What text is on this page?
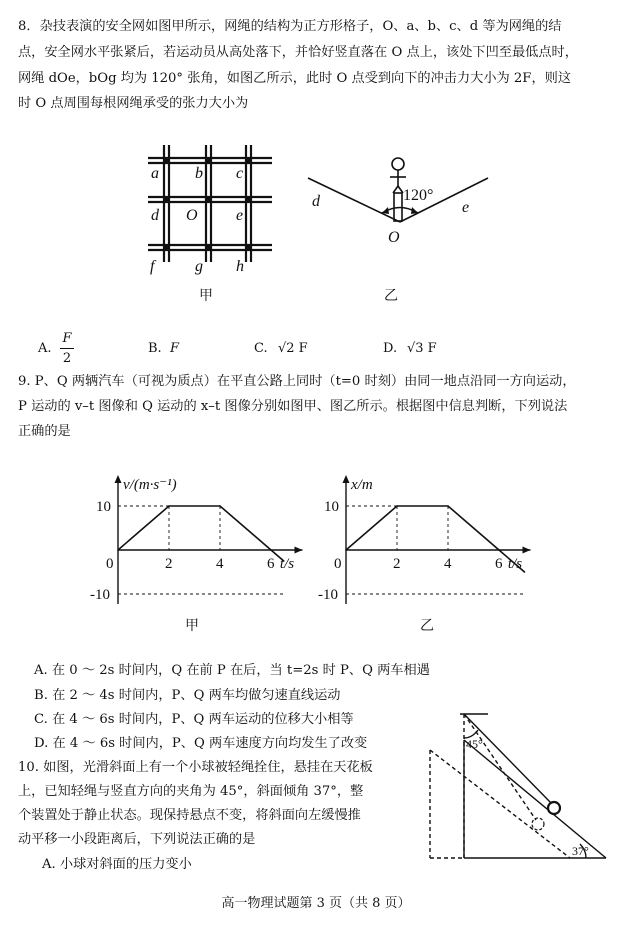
8．杂技表演的安全网如图甲所示，网绳的结构为正方形格子，O、a、b、c、d 等为网绳的结
点，安全网水平张紧后，若运动员从高处落下，并恰好竖直落在 O 点上，该处下凹至最低点时，
网绳 dOe，bOg 均为 120° 张角，如图乙所示，此时 O 点受到向下的冲击力大小为 2F，则这
时 O 点周围每根网绳承受的张力大小为
a b c
d O e
f	g h
甲
120°
d	e
O
乙
A.
F
2
B. F	C. √2 F	D. √3 F
9. P、Q 两辆汽车（可视为质点）在平直公路上同时（t=0 时刻）由同一地点沿同一方向运动，
P 运动的 v–t 图像和 Q 运动的 x–t 图像分别如图甲、图乙所示。根据图中信息判断，下列说法
正确的是
0	2	4	6
10
-10
t/s
v/(m·s⁻¹)
0	2	4	6
10
-10
t/s
x/m
甲	乙
A. 在 0 ～ 2s 时间内，Q 在前 P 在后，当 t=2s 时 P、Q 两车相遇
B. 在 2 ～ 4s 时间内，P、Q 两车均做匀速直线运动
C. 在 4 ～ 6s 时间内，P、Q 两车运动的位移大小相等
D. 在 4 ～ 6s 时间内，P、Q 两车速度方向均发生了改变
10. 如图，光滑斜面上有一个小球被轻绳拴住，悬挂在天花板
上，已知轻绳与竖直方向的夹角为 45°，斜面倾角 37°，整
个装置处于静止状态。现保持悬点不变，将斜面向左缓慢推
动平移一小段距离后，下列说法正确的是
A. 小球对斜面的压力变小
45°
37°
高一物理试题第 3 页（共 8 页）
